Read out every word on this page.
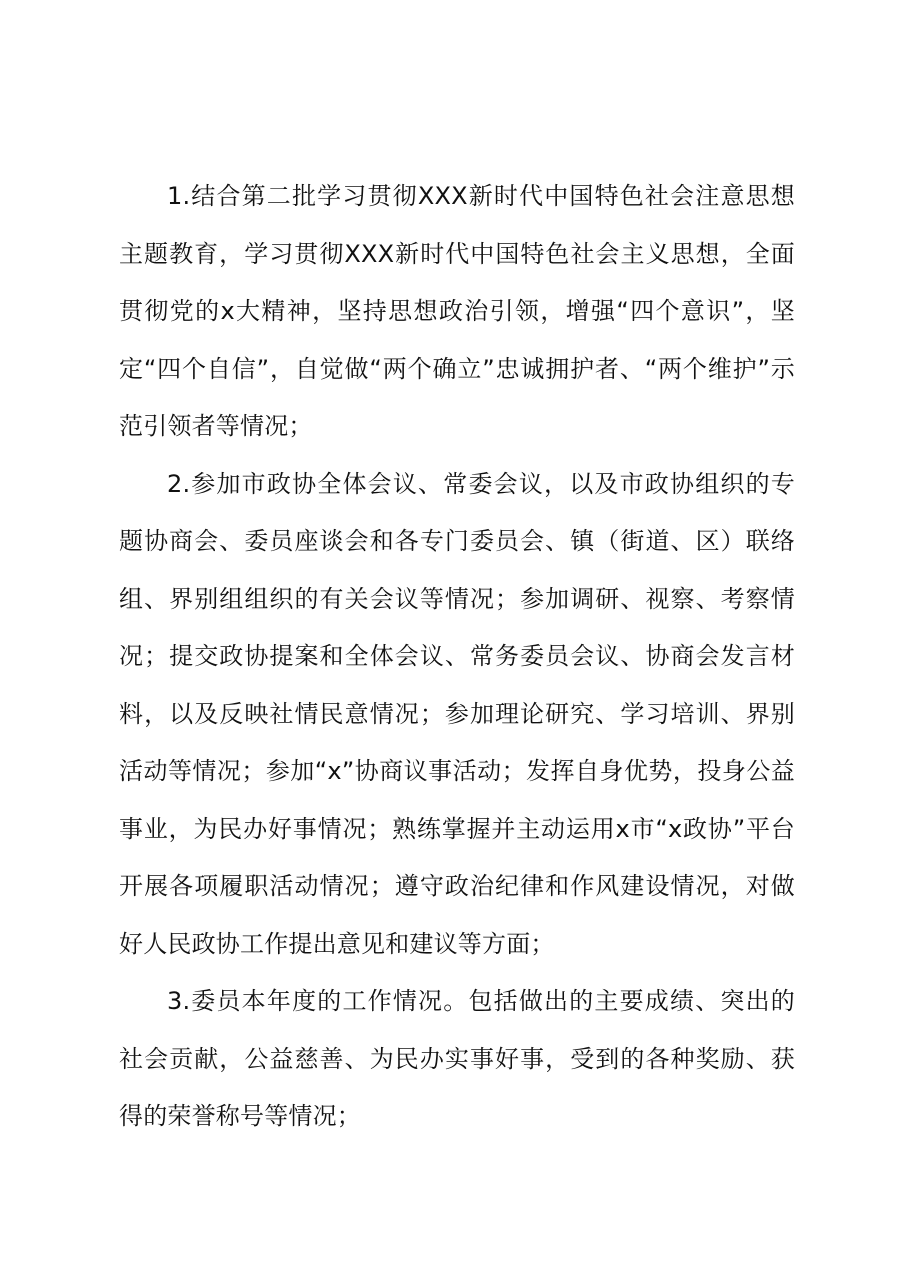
1.结合第二批学习贯彻XXX新时代中国特色社会注意思想主题教育，学习贯彻XXX新时代中国特色社会主义思想，全面贯彻党的x大精神，坚持思想政治引领，增强“四个意识”，坚定“四个自信”，自觉做“两个确立”忠诚拥护者、“两个维护”示范引领者等情况；

2.参加市政协全体会议、常委会议，以及市政协组织的专题协商会、委员座谈会和各专门委员会、镇（街道、区）联络组、界别组组织的有关会议等情况；参加调研、视察、考察情况；提交政协提案和全体会议、常务委员会议、协商会发言材料，以及反映社情民意情况；参加理论研究、学习培训、界别活动等情况；参加“x”协商议事活动；发挥自身优势，投身公益事业，为民办好事情况；熟练掌握并主动运用x市“x政协”平台开展各项履职活动情况；遵守政治纪律和作风建设情况，对做好人民政协工作提出意见和建议等方面；

3.委员本年度的工作情况。包括做出的主要成绩、突出的社会贡献，公益慈善、为民办实事好事，受到的各种奖励、获得的荣誉称号等情况；
